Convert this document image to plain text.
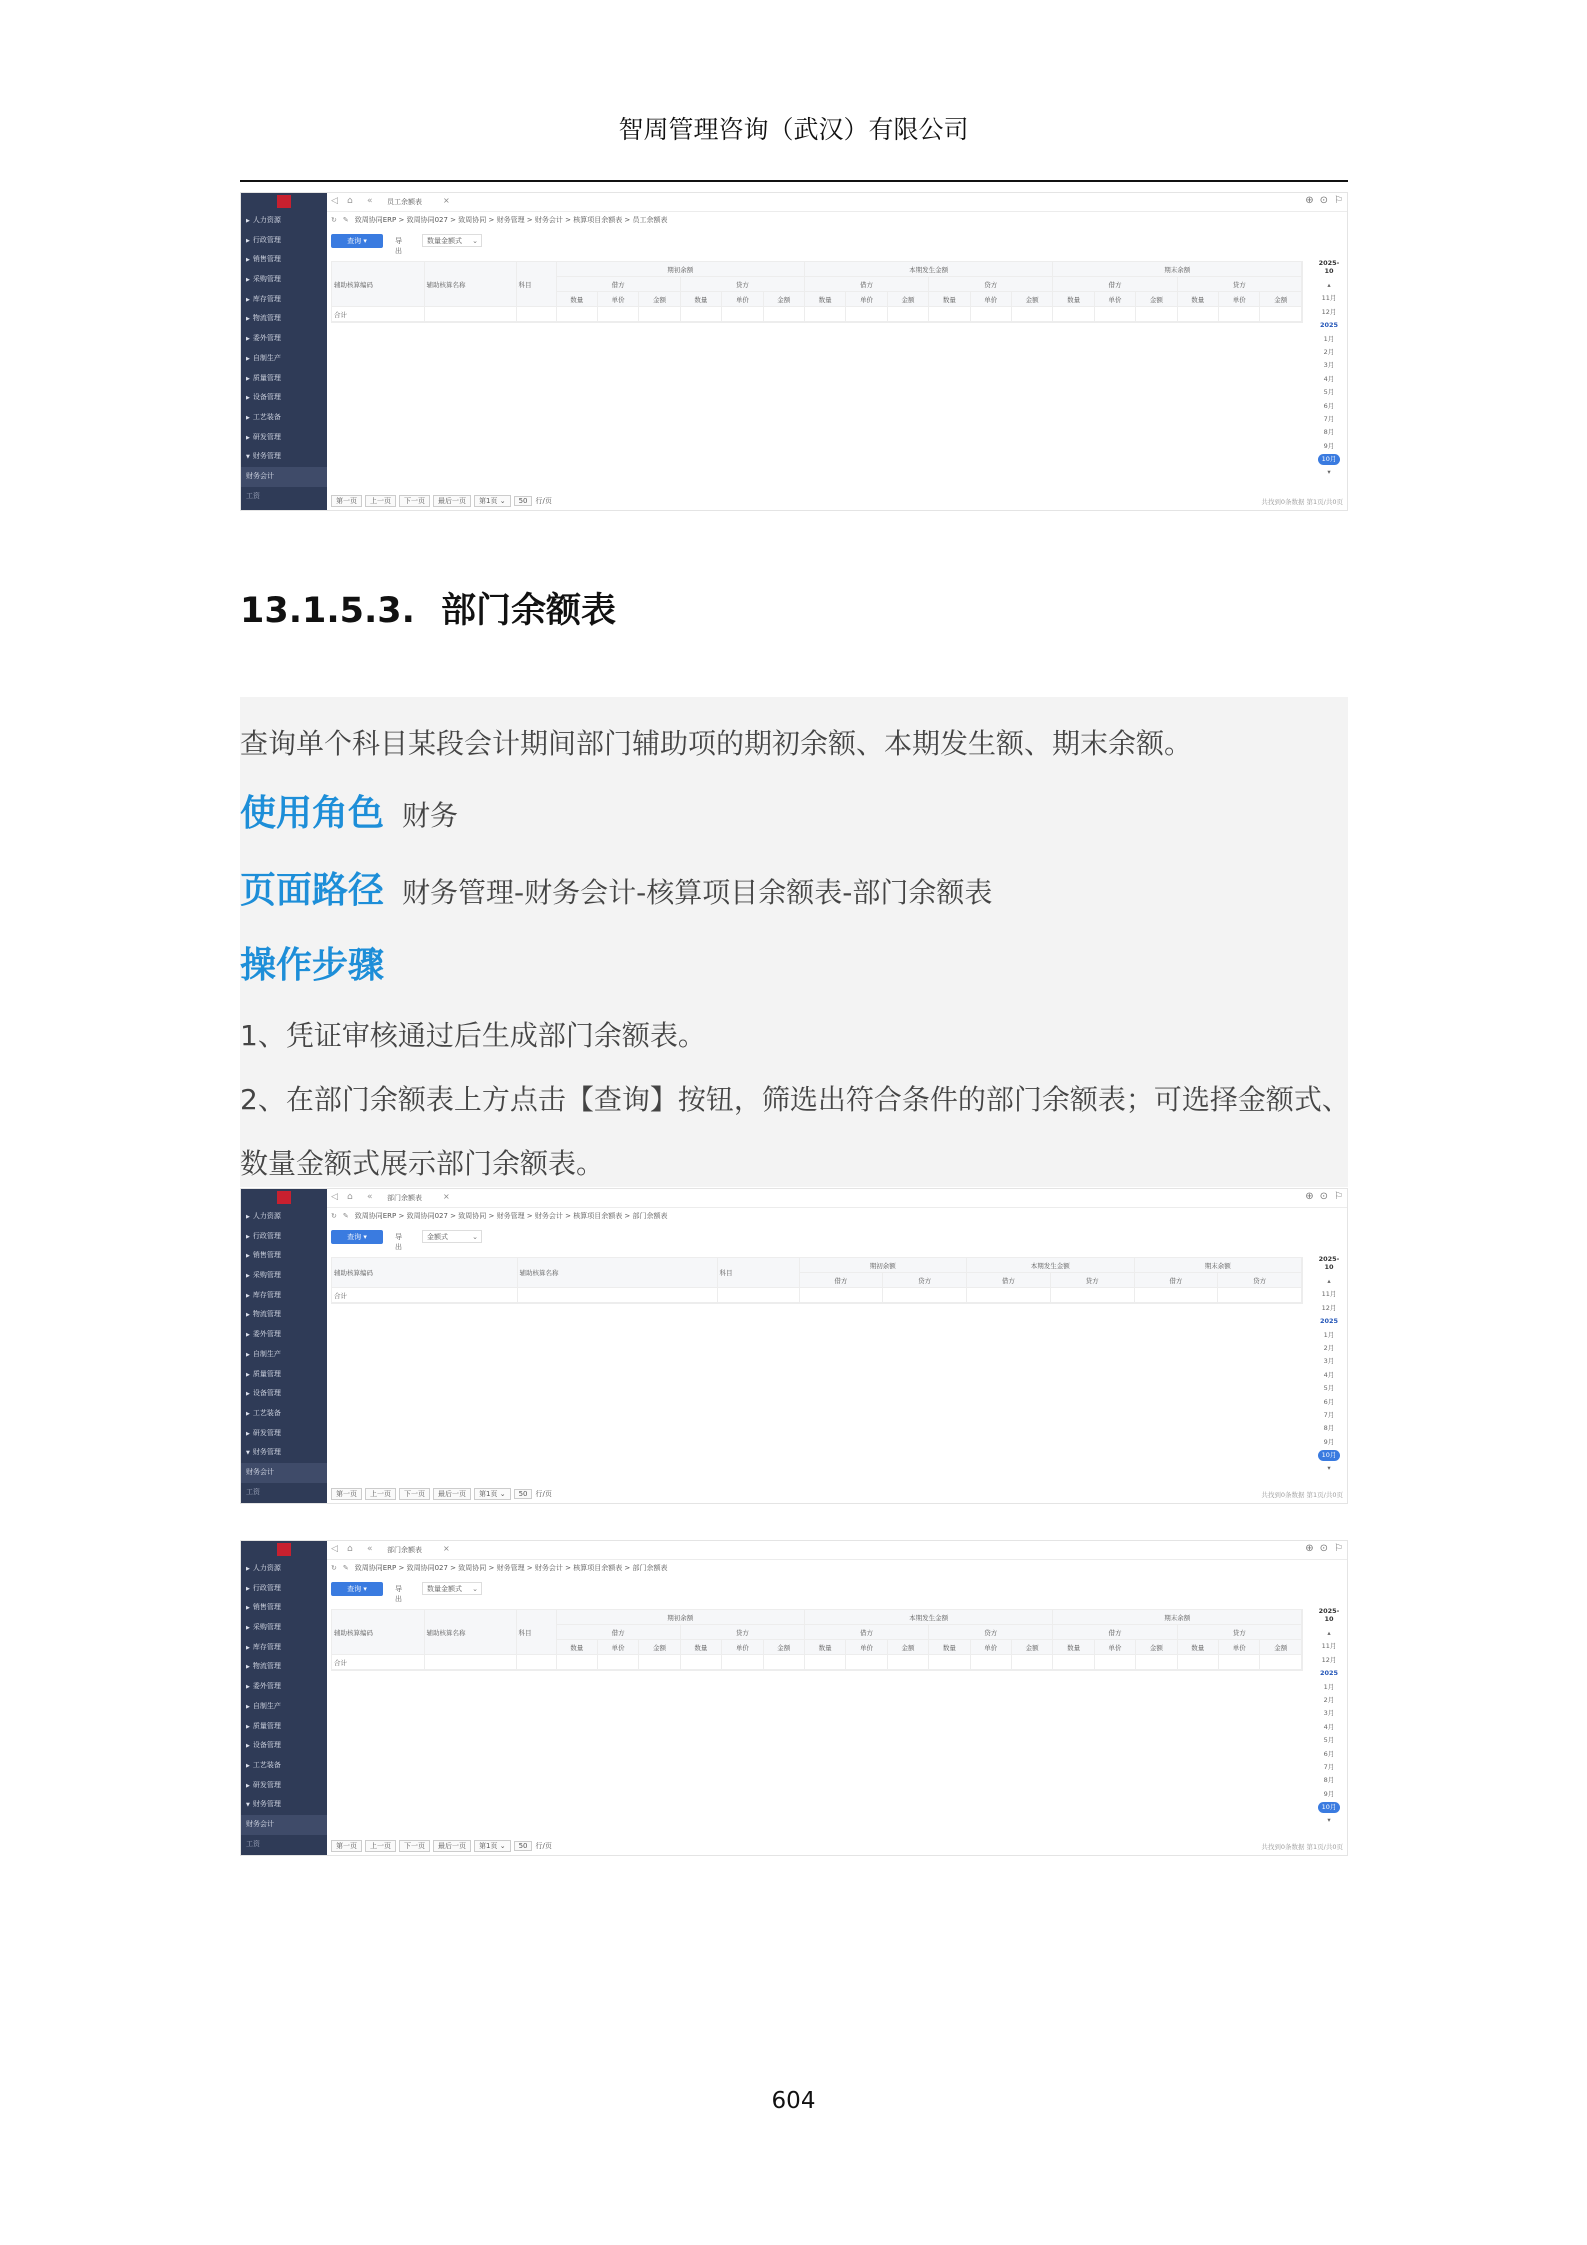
智周管理咨询（武汉）有限公司
▶ 人力资源
▶ 行政管理
▶ 销售管理
▶ 采购管理
▶ 库存管理
▶ 物流管理
▶ 委外管理
▶ 自制生产
▶ 质量管理
▶ 设备管理
▶ 工艺装备
▶ 研发管理
▼ 财务管理
财务会计
工资
◁ ⌂ « 员工余额表	×	⊕ ⊙ ⚐
↻ ✎ 致周协同ERP > 致周协同027 > 致周协同 > 财务管理 > 财务会计 > 核算项目余额表 > 员工余额表
查询 ▾	导出
数量金额式 ⌄
辅助核算编码	辅助核算名称	科目	期初余额						本期发生金额						期末余额					
			借方			贷方			借方			贷方			借方			贷方		
			数量	单价	金额	数量	单价	金额	数量	单价	金额	数量	单价	金额	数量	单价	金额	数量	单价	金额
合计																				
2025-10
▴
11月
12月
2025
1月
2月
3月
4月
5月
6月
7月
8月
9月
10月
▾
第一页 上一页 下一页 最后一页 第1页 ⌄ 50 行/页	共找到0条数据 第1页/共0页
13.1.5.3. 部门余额表
查询单个科目某段会计期间部门辅助项的期初余额、本期发生额、期末余额。
使用角色 财务
页面路径 财务管理-财务会计-核算项目余额表-部门余额表
操作步骤
1、凭证审核通过后生成部门余额表。
2、在部门余额表上方点击【查询】按钮，筛选出符合条件的部门余额表；可选择金额式、
数量金额式展示部门余额表。
▶ 人力资源
▶ 行政管理
▶ 销售管理
▶ 采购管理
▶ 库存管理
▶ 物流管理
▶ 委外管理
▶ 自制生产
▶ 质量管理
▶ 设备管理
▶ 工艺装备
▶ 研发管理
▼ 财务管理
财务会计
工资
◁ ⌂ « 部门余额表	×	⊕ ⊙ ⚐
↻ ✎ 致周协同ERP > 致周协同027 > 致周协同 > 财务管理 > 财务会计 > 核算项目余额表 > 部门余额表
查询 ▾	导出
金额式	⌄
辅助核算编码	辅助核算名称	科目	期初余额		本期发生金额		期末余额	
			借方	贷方	借方	贷方	借方	贷方
合计								
2025-10
▴
11月
12月
2025
1月
2月
3月
4月
5月
6月
7月
8月
9月
10月
▾
第一页 上一页 下一页 最后一页 第1页 ⌄ 50 行/页	共找到0条数据 第1页/共0页
▶ 人力资源
▶ 行政管理
▶ 销售管理
▶ 采购管理
▶ 库存管理
▶ 物流管理
▶ 委外管理
▶ 自制生产
▶ 质量管理
▶ 设备管理
▶ 工艺装备
▶ 研发管理
▼ 财务管理
财务会计
工资
◁ ⌂ « 部门余额表	×	⊕ ⊙ ⚐
↻ ✎ 致周协同ERP > 致周协同027 > 致周协同 > 财务管理 > 财务会计 > 核算项目余额表 > 部门余额表
查询 ▾	导出
数量金额式 ⌄
辅助核算编码	辅助核算名称	科目	期初余额						本期发生金额						期末余额					
			借方			贷方			借方			贷方			借方			贷方		
			数量	单价	金额	数量	单价	金额	数量	单价	金额	数量	单价	金额	数量	单价	金额	数量	单价	金额
合计																				
2025-10
▴
11月
12月
2025
1月
2月
3月
4月
5月
6月
7月
8月
9月
10月
▾
第一页 上一页 下一页 最后一页 第1页 ⌄ 50 行/页	共找到0条数据 第1页/共0页
604
